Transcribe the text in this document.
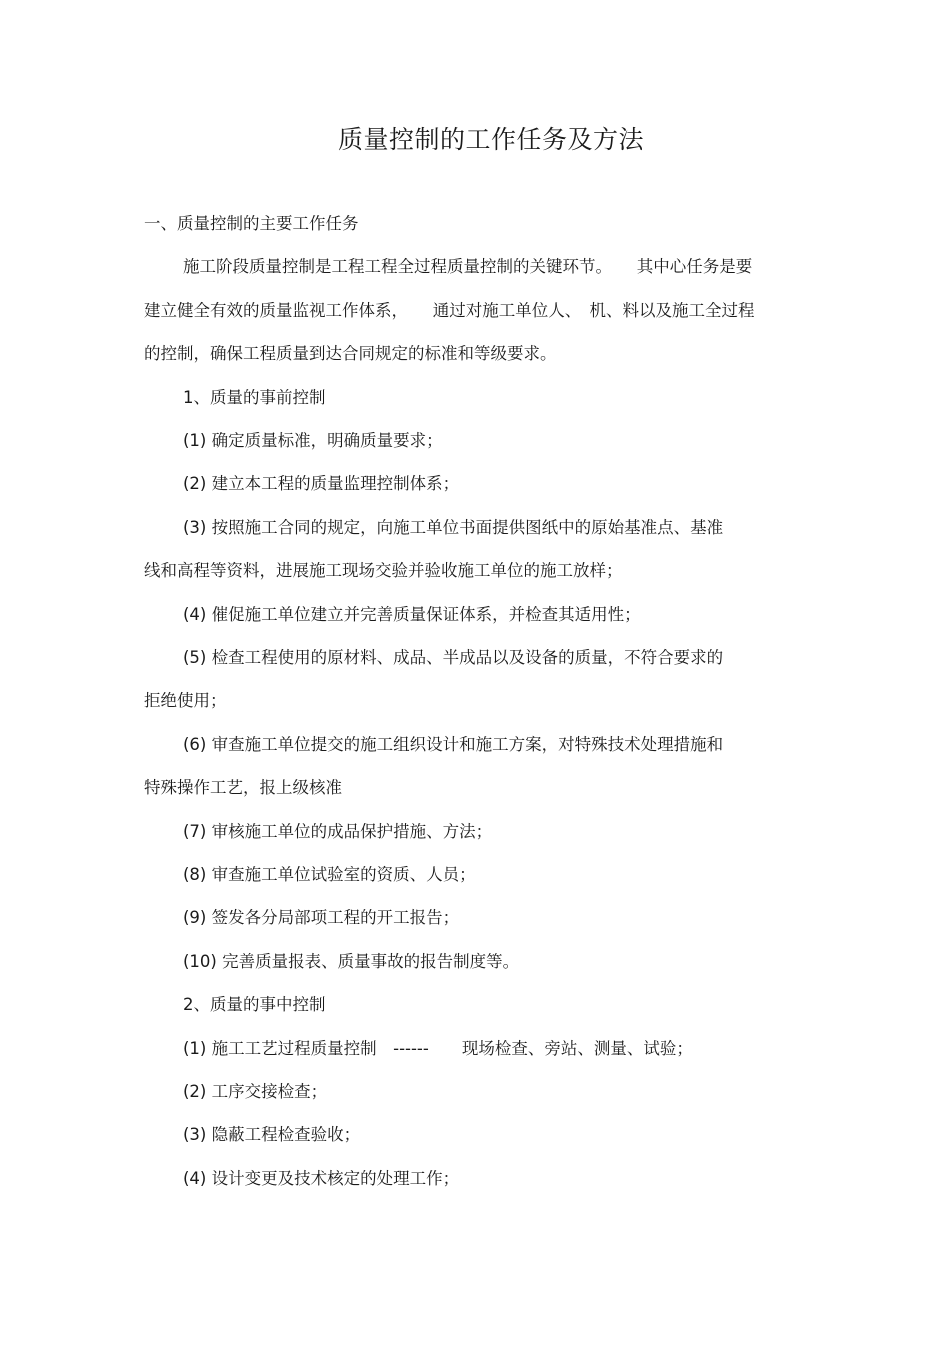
质量控制的工作任务及方法
一、质量控制的主要工作任务
施工阶段质量控制是工程工程全过程质量控制的关键环节。　　其中心任务是要
建立健全有效的质量监视工作体系，　　通过对施工单位人、　机、料以及施工全过程
的控制，确保工程质量到达合同规定的标准和等级要求。
1、质量的事前控制
(1) 确定质量标准，明确质量要求；
(2) 建立本工程的质量监理控制体系；
(3) 按照施工合同的规定，向施工单位书面提供图纸中的原始基准点、基准
线和高程等资料，进展施工现场交验并验收施工单位的施工放样；
(4) 催促施工单位建立并完善质量保证体系，并检查其适用性；
(5) 检查工程使用的原材料、成品、半成品以及设备的质量，不符合要求的
拒绝使用；
(6) 审查施工单位提交的施工组织设计和施工方案，对特殊技术处理措施和
特殊操作工艺，报上级核准
(7) 审核施工单位的成品保护措施、方法；
(8) 审查施工单位试验室的资质、人员；
(9) 签发各分局部项工程的开工报告；
(10) 完善质量报表、质量事故的报告制度等。
2、质量的事中控制
(1) 施工工艺过程质量控制　------　　现场检查、旁站、测量、试验；
(2) 工序交接检查；
(3) 隐蔽工程检查验收；
(4) 设计变更及技术核定的处理工作；
